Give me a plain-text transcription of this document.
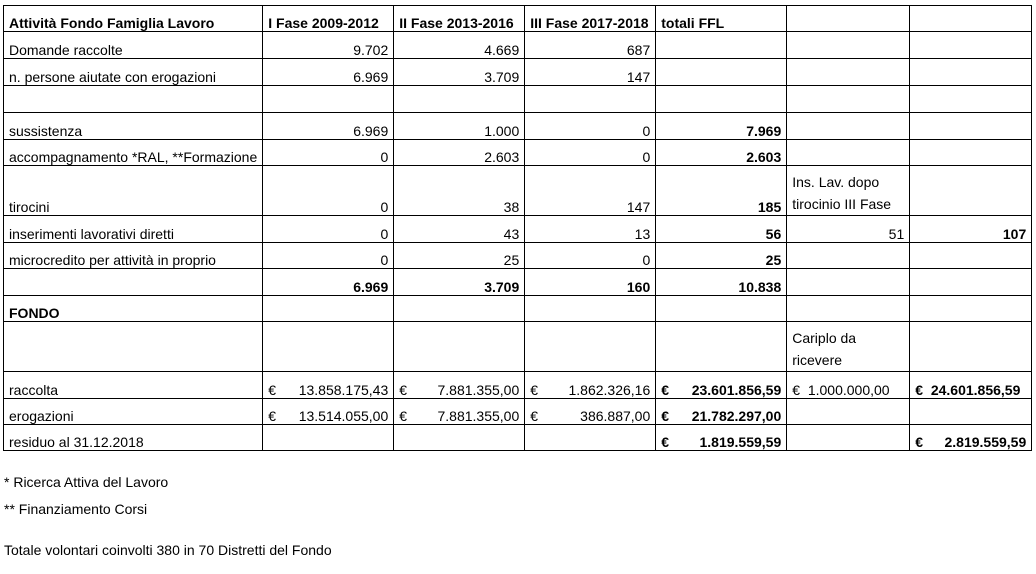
Attività Fondo Famiglia Lavoro	I Fase 2009-2012	II Fase 2013-2016	III Fase 2017-2018	totali FFL		
Domande raccolte	9.702	4.669	687			
n. persone aiutate con erogazioni	6.969	3.709	147			

sussistenza	6.969	1.000	0	7.969		
accompagnamento *RAL, **Formazione	0	2.603	0	2.603		
tirocini	0	38	147	185	Ins. Lav. dopo tirocinio III Fase	
inserimenti lavorativi diretti	0	43	13	56	51	107
microcredito per attività in proprio	0	25	0	25		
	6.969	3.709	160	10.838		
FONDO						
					Cariplo da ricevere	
raccolta	€ 13.858.175,43	€ 7.881.355,00	€ 1.862.326,16	€ 23.601.856,59	€ 1.000.000,00	€ 24.601.856,59
erogazioni	€ 13.514.055,00	€ 7.881.355,00	€ 386.887,00	€ 21.782.297,00		

residuo al 31.12.2018				€ 1.819.559,59		€ 2.819.559,59
* Ricerca Attiva del Lavoro
** Finanziamento Corsi
Totale volontari coinvolti 380 in 70 Distretti del Fondo
